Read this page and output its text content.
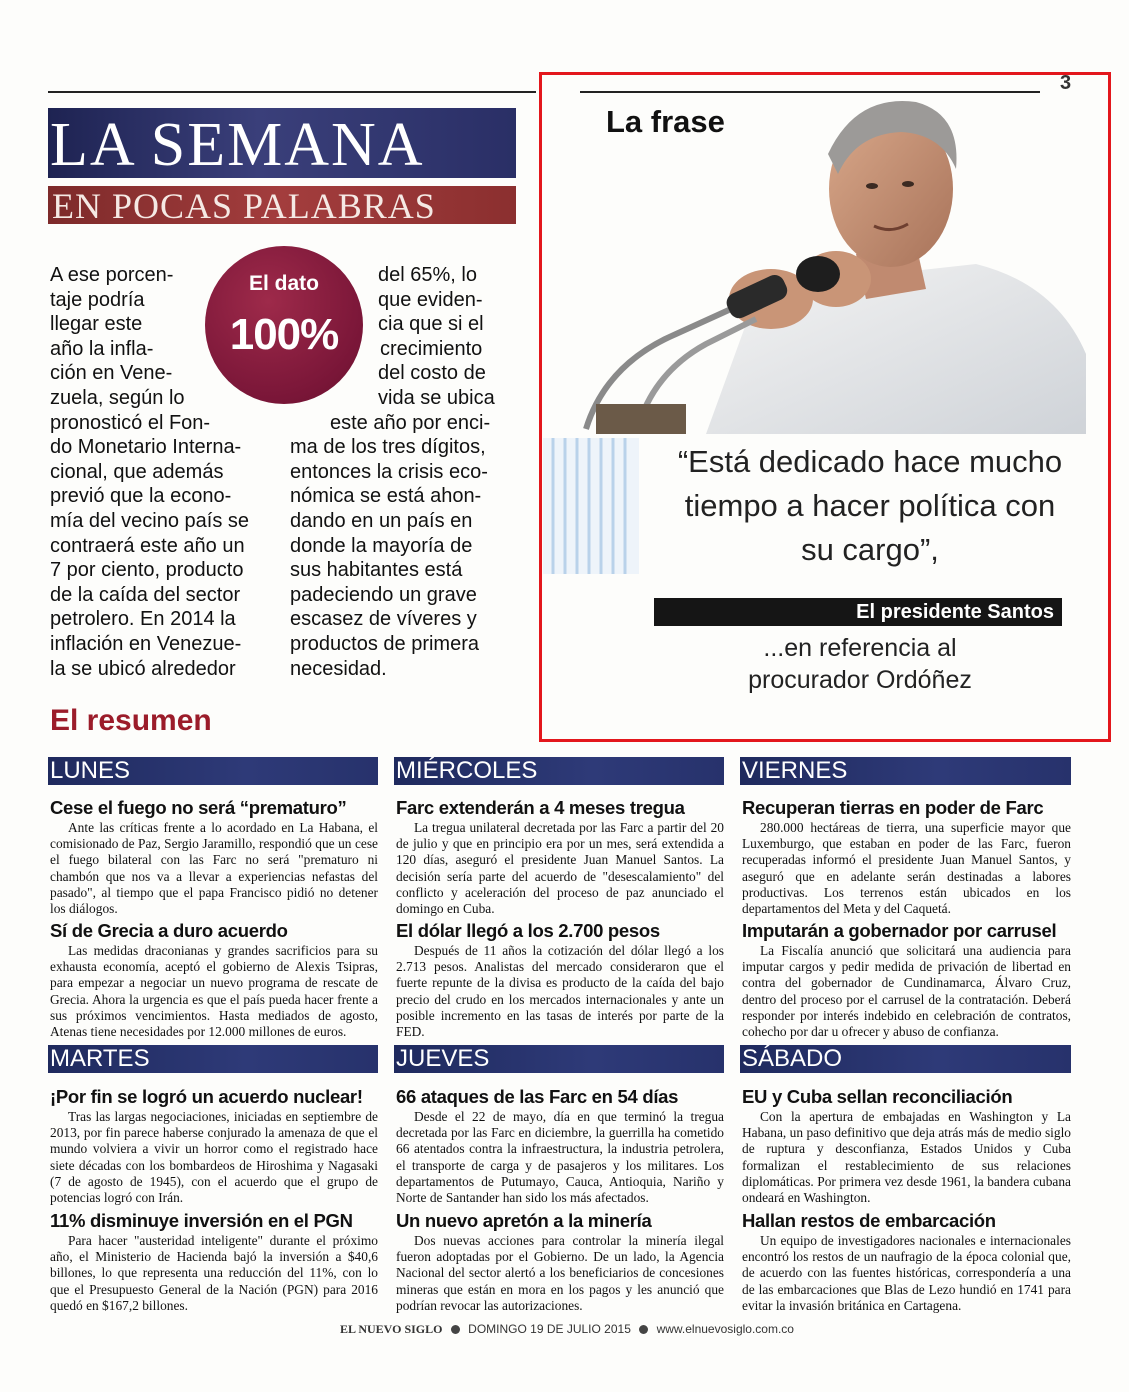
3
LA SEMANA
EN POCAS PALABRAS
El dato
100%
A ese porcen-
taje podría
llegar este
año la infla-
ción en Vene-
zuela, según lo
pronosticó el Fon-
do Monetario Interna-
cional, que además
previó que la econo-
mía del vecino país se
contraerá este año un
7 por ciento, producto
de la caída del sector
petrolero. En 2014 la
inflación en Venezue-
la se ubicó alrededor
del 65%, lo
que eviden-
cia que si el
crecimiento
del costo de
vida se ubica
este año por enci-
ma de los tres dígitos,
entonces la crisis eco-
nómica se está ahon-
dando en un país en
donde la mayoría de
sus habitantes está
padeciendo un grave
escasez de víveres y
productos de primera
necesidad.
La frase
“Está dedicado hace mucho tiempo a hacer política con su cargo”,
El presidente Santos
...en referencia al procurador Ordóñez
El resumen
LUNES
Cese el fuego no será “prematuro”
Ante las críticas frente a lo acordado en La Habana, el comisionado de Paz, Sergio Jaramillo, respondió que un cese el fuego bilateral con las Farc no será "prematuro ni chambón que nos va a llevar a experiencias nefastas del pasado", al tiempo que el papa Francisco pidió no detener los diálogos.
Sí de Grecia a duro acuerdo
Las medidas draconianas y grandes sacrificios para su exhausta economía, aceptó el gobierno de Alexis Tsipras, para empezar a negociar un nuevo programa de rescate de Grecia. Ahora la urgencia es que el país pueda hacer frente a sus próximos vencimientos. Hasta mediados de agosto, Atenas tiene necesidades por 12.000 millones de euros.
MARTES
¡Por fin se logró un acuerdo nuclear!
Tras las largas negociaciones, iniciadas en septiembre de 2013, por fin parece haberse conjurado la amenaza de que el mundo volviera a vivir un horror como el registrado hace siete décadas con los bombardeos de Hiroshima y Nagasaki (7 de agosto de 1945), con el acuerdo que el grupo de potencias logró con Irán.
11% disminuye inversión en el PGN
Para hacer "austeridad inteligente" durante el próximo año, el Ministerio de Hacienda bajó la inversión a $40,6 billones, lo que representa una reducción del 11%, con lo que el Presupuesto General de la Nación (PGN) para 2016 quedó en $167,2 billones.
MIÉRCOLES
Farc extenderán a 4 meses tregua
La tregua unilateral decretada por las Farc a partir del 20 de julio y que en principio era por un mes, será extendida a 120 días, aseguró el presidente Juan Manuel Santos. La decisión sería parte del acuerdo de "desescalamiento" del conflicto y aceleración del proceso de paz anunciado el domingo en Cuba.
El dólar llegó a los 2.700 pesos
Después de 11 años la cotización del dólar llegó a los 2.713 pesos. Analistas del mercado consideraron que el fuerte repunte de la divisa es producto de la caída del bajo precio del crudo en los mercados internacionales y ante un posible incremento en las tasas de interés por parte de la FED.
JUEVES
66 ataques de las Farc en 54 días
Desde el 22 de mayo, día en que terminó la tregua decretada por las Farc en diciembre, la guerrilla ha cometido 66 atentados contra la infraestructura, la industria petrolera, el transporte de carga y de pasajeros y los militares. Los departamentos de Putumayo, Cauca, Antioquia, Nariño y Norte de Santander han sido los más afectados.
Un nuevo apretón a la minería
Dos nuevas acciones para controlar la minería ilegal fueron adoptadas por el Gobierno. De un lado, la Agencia Nacional del sector alertó a los beneficiarios de concesiones mineras que están en mora en los pagos y les anunció que podrían revocar las autorizaciones.
VIERNES
Recuperan tierras en poder de Farc
280.000 hectáreas de tierra, una superficie mayor que Luxemburgo, que estaban en poder de las Farc, fueron recuperadas informó el presidente Juan Manuel Santos, y aseguró que en adelante serán destinadas a labores productivas. Los terrenos están ubicados en los departamentos del Meta y del Caquetá.
Imputarán a gobernador por carrusel
La Fiscalía anunció que solicitará una audiencia para imputar cargos y pedir medida de privación de libertad en contra del gobernador de Cundinamarca, Álvaro Cruz, dentro del proceso por el carrusel de la contratación. Deberá responder por interés indebido en celebración de contratos, cohecho por dar u ofrecer y abuso de confianza.
SÁBADO
EU y Cuba sellan reconciliación
Con la apertura de embajadas en Washington y La Habana, un paso definitivo que deja atrás más de medio siglo de ruptura y desconfianza, Estados Unidos y Cuba formalizan el restablecimiento de sus relaciones diplomáticas. Por primera vez desde 1961, la bandera cubana ondeará en Washington.
Hallan restos de embarcación
Un equipo de investigadores nacionales e internacionales encontró los restos de un naufragio de la época colonial que, de acuerdo con las fuentes históricas, correspondería a una de las embarcaciones que Blas de Lezo hundió en 1741 para evitar la invasión británica en Cartagena.
EL NUEVO SIGLO DOMINGO 19 DE JULIO 2015 www.elnuevosiglo.com.co
